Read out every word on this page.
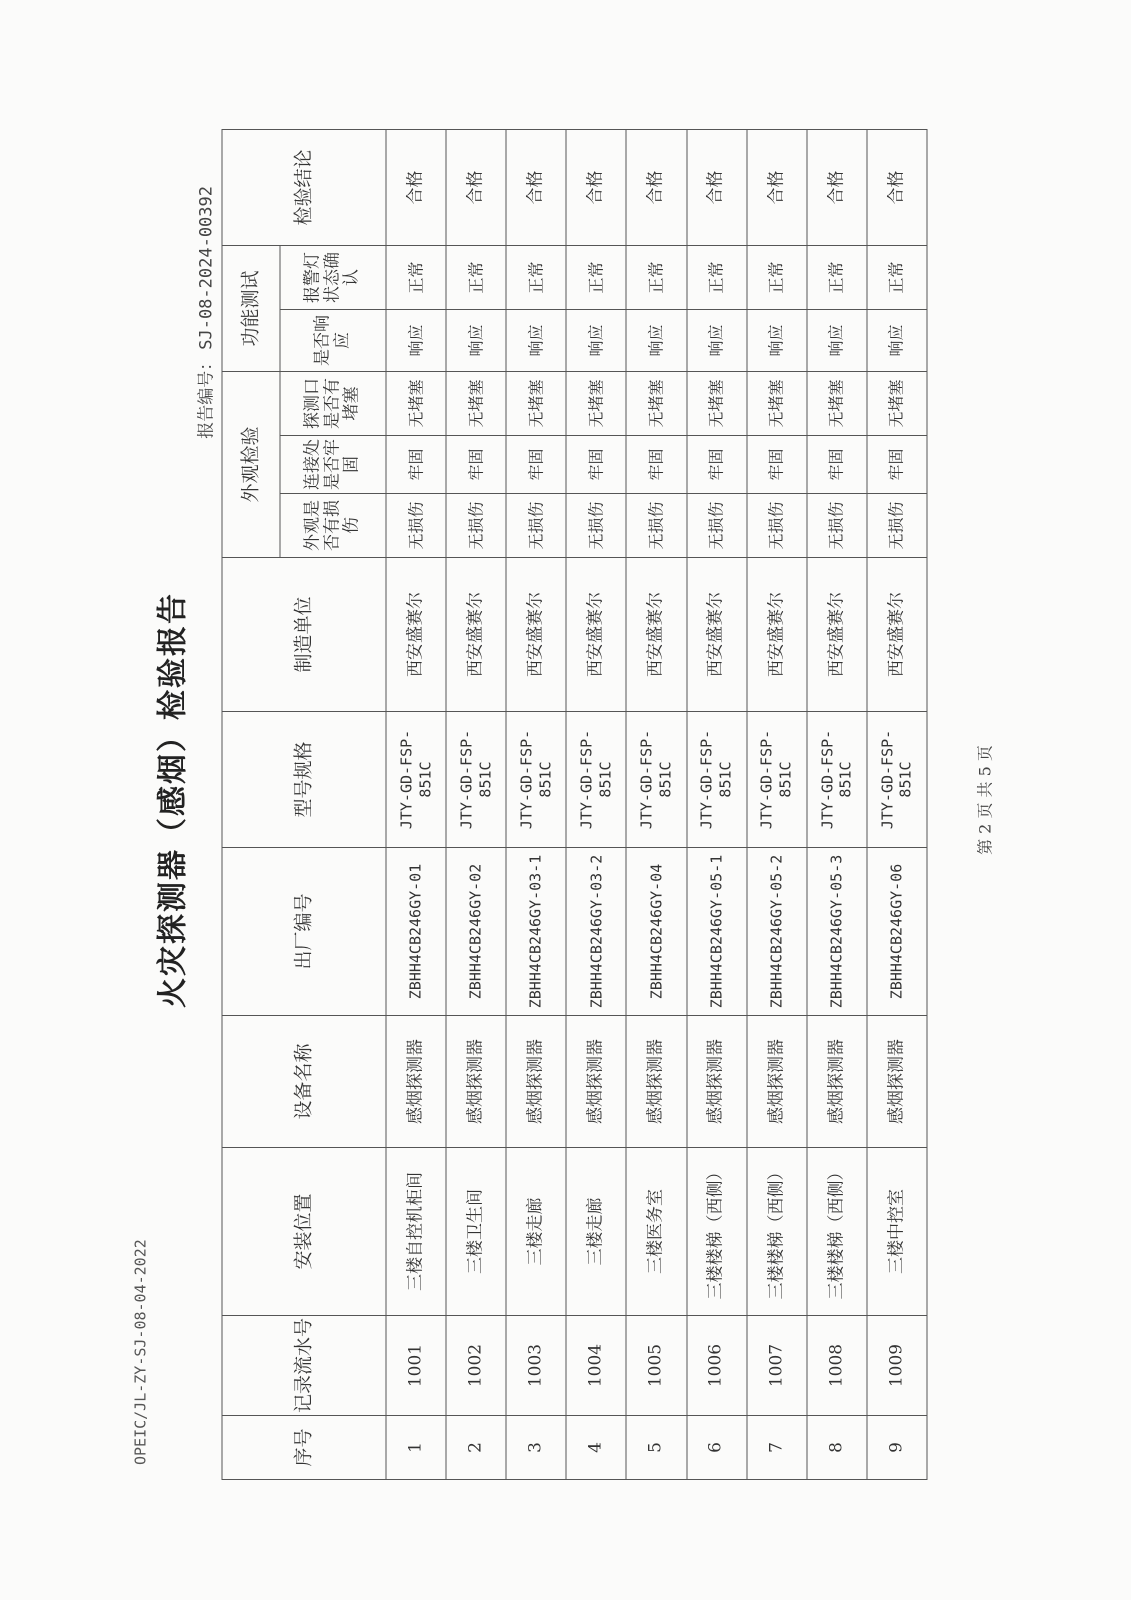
OPEIC/JL-ZY-SJ-08-04-2022
火灾探测器（感烟）检验报告
报告编号：SJ-08-2024-00392
序号	记录流水号	安装位置	设备名称	出厂编号	型号规格	制造单位	外观检验			功能测试		检验结论
							外观是否有损伤	连接处是否牢固	探测口是否有堵塞	是否响应	报警灯状态确认	
1	1001	三楼自控机柜间	感烟探测器	ZBHH4CB246GY-01	JTY-GD-FSP-851C	西安盛赛尔	无损伤	牢固	无堵塞	响应	正常	合格
2	1002	三楼卫生间	感烟探测器	ZBHH4CB246GY-02	JTY-GD-FSP-851C	西安盛赛尔	无损伤	牢固	无堵塞	响应	正常	合格
3	1003	三楼走廊	感烟探测器	ZBHH4CB246GY-03-1	JTY-GD-FSP-851C	西安盛赛尔	无损伤	牢固	无堵塞	响应	正常	合格
4	1004	三楼走廊	感烟探测器	ZBHH4CB246GY-03-2	JTY-GD-FSP-851C	西安盛赛尔	无损伤	牢固	无堵塞	响应	正常	合格
5	1005	三楼医务室	感烟探测器	ZBHH4CB246GY-04	JTY-GD-FSP-851C	西安盛赛尔	无损伤	牢固	无堵塞	响应	正常	合格
6	1006	三楼楼梯（西侧）	感烟探测器	ZBHH4CB246GY-05-1	JTY-GD-FSP-851C	西安盛赛尔	无损伤	牢固	无堵塞	响应	正常	合格
7	1007	三楼楼梯（西侧）	感烟探测器	ZBHH4CB246GY-05-2	JTY-GD-FSP-851C	西安盛赛尔	无损伤	牢固	无堵塞	响应	正常	合格
8	1008	三楼楼梯（西侧）	感烟探测器	ZBHH4CB246GY-05-3	JTY-GD-FSP-851C	西安盛赛尔	无损伤	牢固	无堵塞	响应	正常	合格
9	1009	三楼中控室	感烟探测器	ZBHH4CB246GY-06	JTY-GD-FSP-851C	西安盛赛尔	无损伤	牢固	无堵塞	响应	正常	合格
第 2 页 共 5 页
